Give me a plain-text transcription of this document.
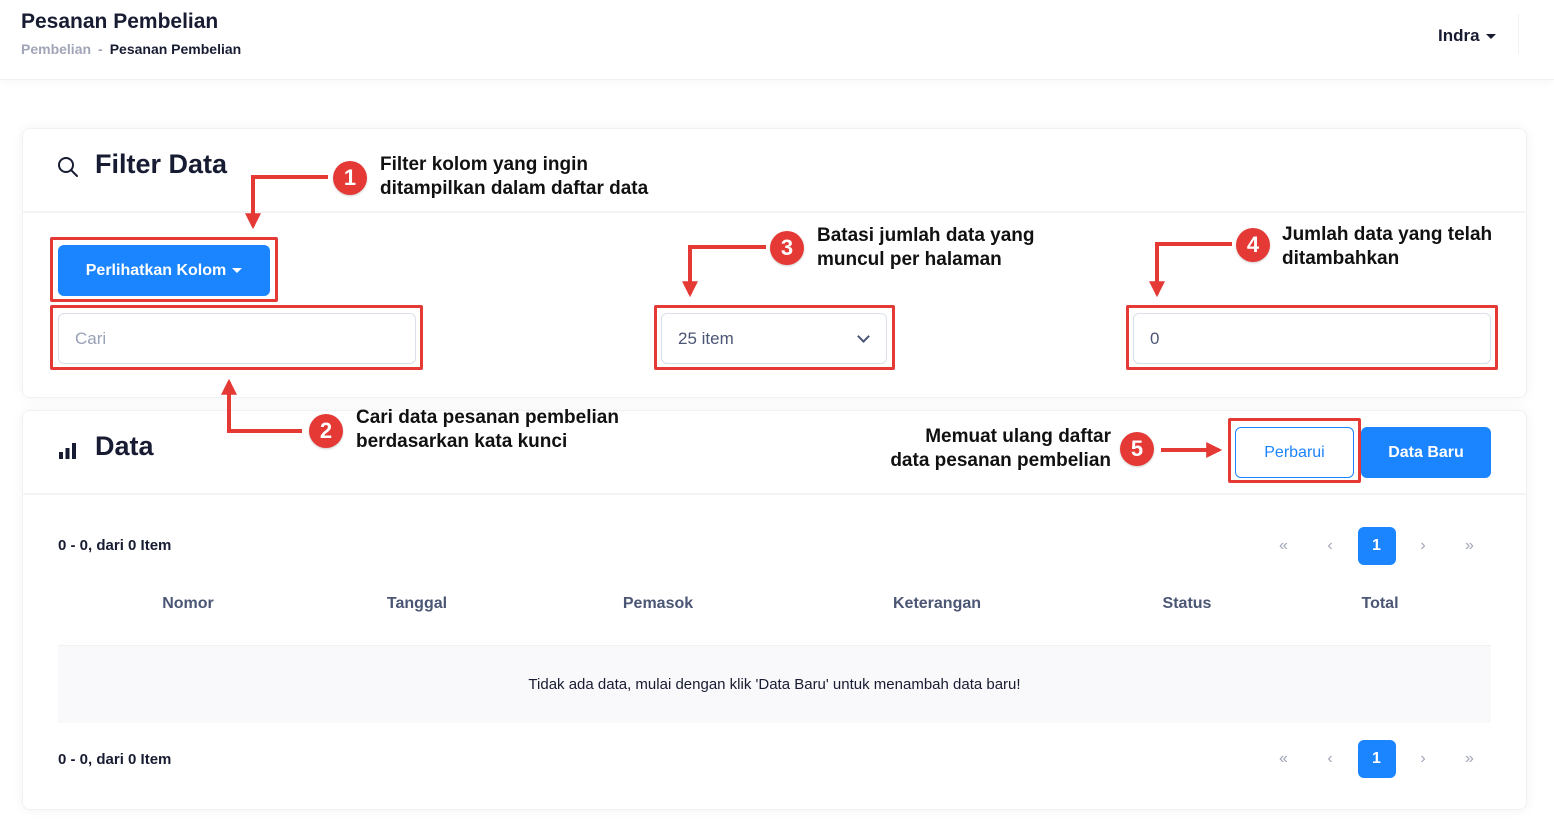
Pesanan Pembelian
Pembelian - Pesanan Pembelian
Indra
Filter Data
Perlihatkan Kolom
Cari
25 item
0
Data	Perbarui	Data Baru
0 - 0, dari 0 Item	«	‹	1	›	»
Nomor	Tanggal	Pemasok	Keterangan	Status	Total
Tidak ada data, mulai dengan klik 'Data Baru' untuk menambah data baru!
0 - 0, dari 0 Item	«	‹	1	›	»
1
Filter kolom yang ingin
ditampilkan dalam daftar data
2
Cari data pesanan pembelian
berdasarkan kata kunci
3	Batasi jumlah data yang
muncul per halaman
4	Jumlah data yang telah
ditambahkan
5
Memuat ulang daftar
data pesanan pembelian
